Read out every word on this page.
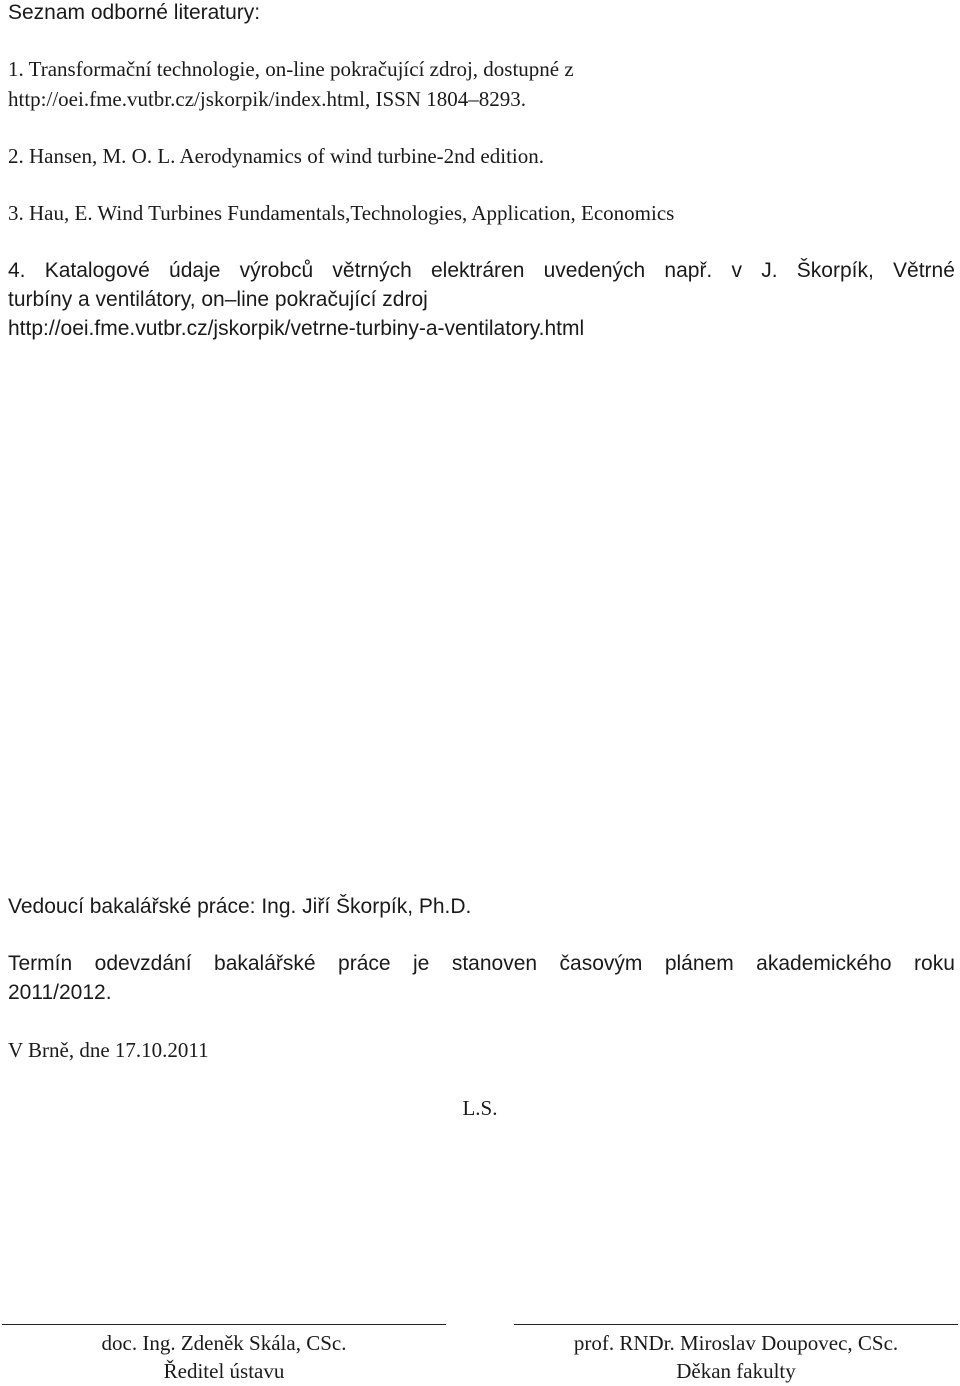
Seznam odborné literatury:
1. Transformační technologie, on-line pokračující zdroj, dostupné z
http://oei.fme.vutbr.cz/jskorpik/index.html, ISSN 1804–8293.
2. Hansen, M. O. L. Aerodynamics of wind turbine-2nd edition.
3. Hau, E. Wind Turbines Fundamentals,Technologies, Application, Economics
4. Katalogové údaje výrobců větrných elektráren uvedených např. v J. Škorpík, Větrné
turbíny a ventilátory, on–line pokračující zdroj
http://oei.fme.vutbr.cz/jskorpik/vetrne-turbiny-a-ventilatory.html
Vedoucí bakalářské práce: Ing. Jiří Škorpík, Ph.D.
Termín odevzdání bakalářské práce je stanoven časovým plánem akademického roku
2011/2012.
V Brně, dne 17.10.2011
L.S.
doc. Ing. Zdeněk Skála, CSc.
Ředitel ústavu
prof. RNDr. Miroslav Doupovec, CSc.
Děkan fakulty
